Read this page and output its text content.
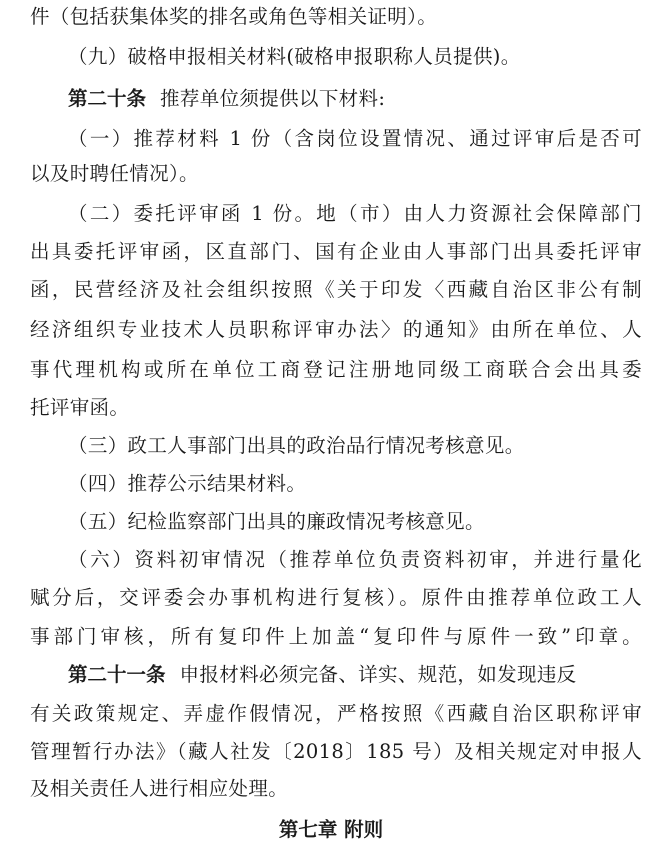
件（包括获集体奖的排名或角色等相关证明）。
（九）破格申报相关材料(破格申报职称人员提供)。
第二十条 推荐单位须提供以下材料:
（一）推荐材料 1 份（含岗位设置情况、通过评审后是否可
以及时聘任情况）。
（二）委托评审函 1 份。地（市）由人力资源社会保障部门
出具委托评审函，区直部门、国有企业由人事部门出具委托评审
函，民营经济及社会组织按照《关于印发〈西藏自治区非公有制
经济组织专业技术人员职称评审办法〉的通知》由所在单位、人
事代理机构或所在单位工商登记注册地同级工商联合会出具委
托评审函。
（三）政工人事部门出具的政治品行情况考核意见。
（四）推荐公示结果材料。
（五）纪检监察部门出具的廉政情况考核意见。
（六）资料初审情况（推荐单位负责资料初审，并进行量化
赋分后，交评委会办事机构进行复核）。原件由推荐单位政工人
事部门审核，所有复印件上加盖“复印件与原件一致”印章。
第二十一条 申报材料必须完备、详实、规范，如发现违反
有关政策规定、弄虚作假情况，严格按照《西藏自治区职称评审
管理暂行办法》（藏人社发〔2018〕185 号）及相关规定对申报人
及相关责任人进行相应处理。
第七章 附则
